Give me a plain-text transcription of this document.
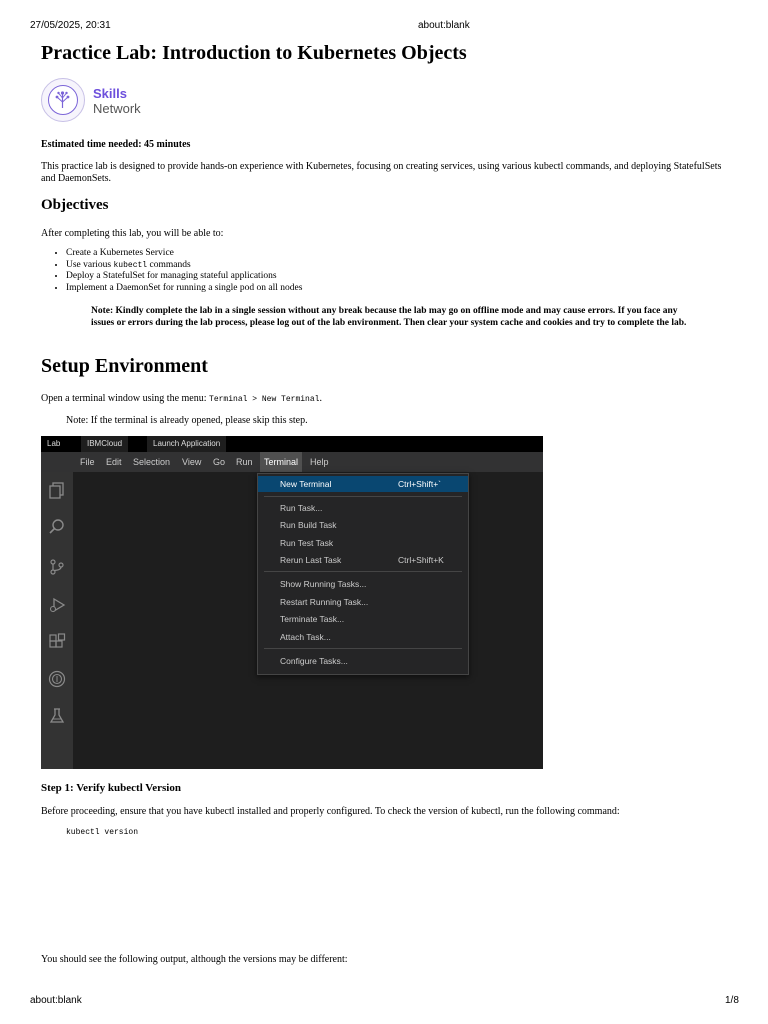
27/05/2025, 20:31	about:blank
Practice Lab: Introduction to Kubernetes Objects
Skills
Network

Estimated time needed: 45 minutes

This practice lab is designed to provide hands-on experience with Kubernetes, focusing on creating services, using various kubectl commands, and deploying StatefulSets and DaemonSets.

Objectives

After completing this lab, you will be able to:

• Create a Kubernetes Service
• Use various kubectl commands
• Deploy a StatefulSet for managing stateful applications
• Implement a DaemonSet for running a single pod on all nodes
Note: Kindly complete the lab in a single session without any break because the lab may go on offline mode and may cause errors. If you face any issues or errors during the lab process, please log out of the lab environment. Then clear your system cache and cookies and try to complete the lab.
Setup Environment

Open a terminal window using the menu: Terminal > New Terminal.

Note: If the terminal is already opened, please skip this step.

Lab	IBMCloud	Launch Application
File	Edit	Selection	View	Go	Run	Terminal	Help
New Terminal	Ctrl+Shift+`
Run Task...
Run Build Task
Run Test Task
Rerun Last Task	Ctrl+Shift+K
Show Running Tasks...
Restart Running Task...
Terminate Task...
Attach Task...
Configure Tasks...

Step 1: Verify kubectl Version

Before proceeding, ensure that you have kubectl installed and properly configured. To check the version of kubectl, run the following command:

kubectl version

You should see the following output, although the versions may be different:

about:blank	1/8
